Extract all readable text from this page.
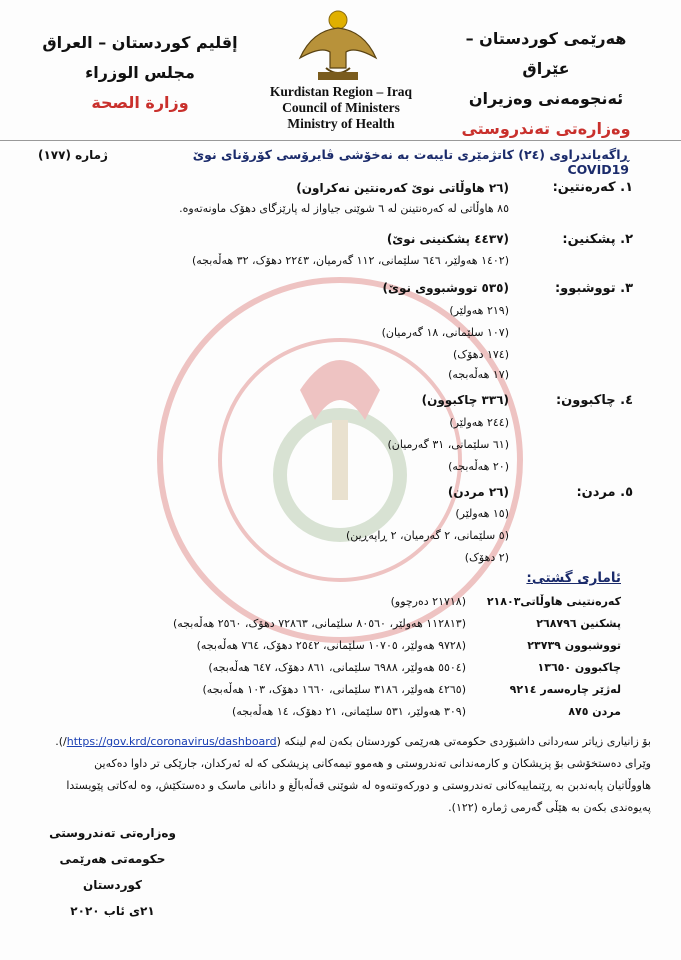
إقليم كوردستان – العراق
مجلس الوزراء
وزارة الصحة
Kurdistan Region – Iraq
Council of Ministers
Ministry of Health
هەرێمی کوردستان – عێراق
ئەنجومەنی وەزیران
وەزارەتی تەندروستی
ڕاگەیاندراوی (٢٤) کاتژمێری تایبەت بە نەخۆشی ڤایرۆسی کۆرۆنای نوێ COVID19
ژمارە (١٧٧)
١. کەرەنتین:
(٢٦ هاوڵاتی نوێ کەرەنتین نەکراون)
٨٥ هاوڵاتی لە کەرەنتینن لە ٦ شوێنی جیاواز لە پارێزگای دهۆک ماونەتەوە.
٢. پشکنین:
(٤٤٣٧ پشکنینی نوێ)
(١٤٠٢ هەولێر، ٦٤٦ سلێمانی، ١١٢ گەرمیان، ٢٢٤٣ دهۆک، ٣٢ هەڵەبجە)
٣. تووشبوو:
(٥٣٥ تووشبووی نوێ)
(٢١٩ هەولێر)
(١٠٧ سلێمانی، ١٨ گەرمیان)
(١٧٤ دهۆک)
(١٧ هەڵەبجە)
٤. چاکبوون:
(٣٣٦ چاکبوون)
(٢٤٤ هەولێر)
(٦١ سلێمانی، ٣١ گەرمیان)
(٢٠ هەڵەبجە)
٥. مردن:
(٢٦ مردن)
(١٥ هەولێر)
(٥ سلێمانی، ٢ گەرمیان، ٢ ڕاپەڕین)
(٢ دهۆک)
ئاماری گشتی:
کەرەنتینی هاوڵاتی٢١٨٠٣
(٢١٧١٨ دەرچوو)
پشکنین ٢٦٨٧٩٦
(١١٢٨١٣ هەولێر، ٨٠٥٦٠ سلێمانی، ٧٢٨٦٣ دهۆک، ٢٥٦٠ هەڵەبجە)
تووشبوون ٢٣٧٣٩
(٩٧٢٨ هەولێر، ١٠٧٠٥ سلێمانی، ٢٥٤٢ دهۆک، ٧٦٤ هەڵەبجە)
چاکبوون ١٣٦٥٠
(٥٥٠٤ هەولێر، ٦٩٨٨ سلێمانی، ٨٦١ دهۆک، ٦٤٧ هەڵەبجە)
لەژێر چارەسەر ٩٢١٤
(٤٢٦٥ هەولێر، ٣١٨٦ سلێمانی، ١٦٦٠ دهۆک، ١٠٣ هەڵەبجە)
مردن ٨٧٥
(٣٠٩ هەولێر، ٥٣١ سلێمانی، ٢١ دهۆک، ١٤ هەڵەبجە)
بۆ زانیاری زیاتر سەردانی داشبۆردی حکومەتی هەرێمی کوردستان بکەن لەم لینکە (https://gov.krd/coronavirus/dashboard/).
وێرای دەستخۆشی بۆ پزیشکان و کارمەندانی تەندروستی و هەموو تیمەکانی پزیشکی کە لە ئەرکدان، جارێکی تر داوا دەکەین
هاووڵاتیان پابەندبن بە ڕێنماییەکانی تەندروستی و دورکەوتنەوە لە شوێنی قەڵەباڵغ و دانانی ماسک و دەستکێش، وە لەکاتی پێویستدا
پەیوەندی بکەن بە هێڵی گەرمی ژمارە (١٢٢).
وەزارەتی تەندروستی
حکومەتی هەرێمی کوردستان
٢١ی ئاب ٢٠٢٠
